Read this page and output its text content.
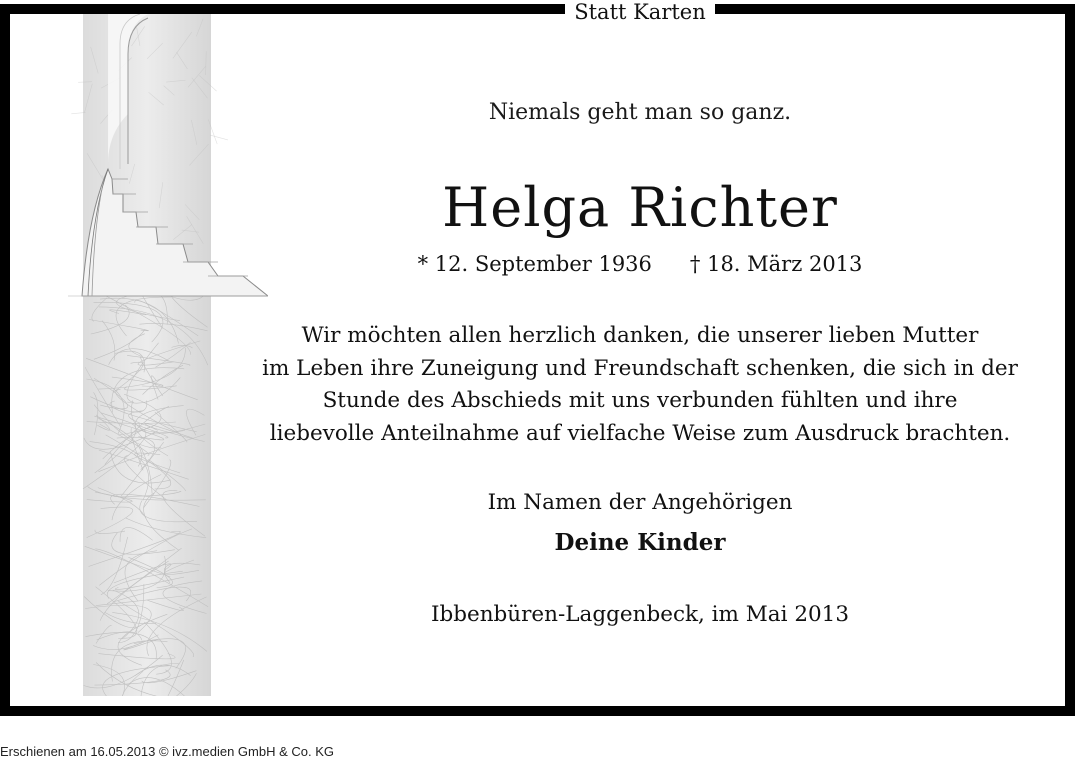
Statt Karten
Niemals geht man so ganz.
Helga Richter
* 12. September 1936 † 18. März 2013
Wir möchten allen herzlich danken, die unserer lieben Mutter
im Leben ihre Zuneigung und Freundschaft schenken, die sich in der
Stunde des Abschieds mit uns verbunden fühlten und ihre
liebevolle Anteilnahme auf vielfache Weise zum Ausdruck brachten.
Im Namen der Angehörigen
Deine Kinder
Ibbenbüren-Laggenbeck, im Mai 2013
Erschienen am 16.05.2013 © ivz.medien GmbH & Co. KG
